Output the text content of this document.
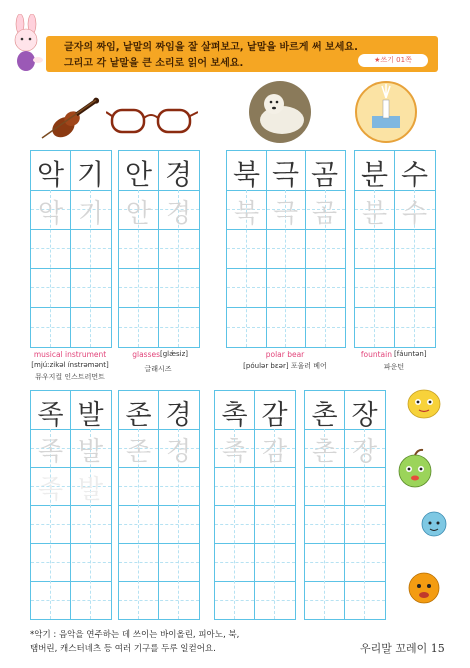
글자의 짜임, 낱말의 짜임을 잘 살펴보고, 낱말을 바르게 써 보세요.
그리고 각 낱말을 큰 소리로 읽어 보세요.	★쓰기 01쪽
악 기
악 기
안 경
안 경
북 극 곰
북 극 곰
분 수
분 수
musical instrument
[mjúːzikəl ínstrəmənt]
뮤우지컬 인스트러먼트
glasses [glǽsiz]
글래시즈
polar bear
[póulər bɛər] 포울러 베어
fountain [fáuntən]
파운턴
족 발
족 발
족 발
존 경
존 경
촉 감
촉 감
촌 장
촌 장
*악기 : 음악을 연주하는 데 쓰이는 바이올린, 피아노, 북,
탬버린, 캐스터네츠 등 여러 기구를 두루 일컫어요.	우리말 꼬레이 15
